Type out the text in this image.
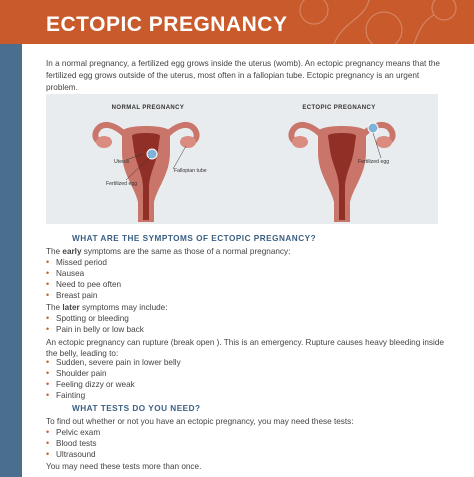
ECTOPIC PREGNANCY

In a normal pregnancy, a fertilized egg grows inside the uterus (womb). An ectopic pregnancy means that the fertilized egg grows outside of the uterus, most often in a fallopian tube. Ectopic pregnancy is an urgent problem.

NORMAL PREGNANCY	ECTOPIC PREGNANCY
Uterus
Fertilized egg
Fallopian tube
Fertilized egg
WHAT ARE THE SYMPTOMS OF ECTOPIC PREGNANCY?

The early symptoms are the same as those of a normal pregnancy:

• Missed period
• Nausea
• Need to pee often
• Breast pain

The later symptoms may include:

• Spotting or bleeding
• Pain in belly or low back

An ectopic pregnancy can rupture (break open ). This is an emergency. Rupture causes heavy bleeding inside the belly, leading to:

• Sudden, severe pain in lower belly
• Shoulder pain
• Feeling dizzy or weak
• Fainting
WHAT TESTS DO YOU NEED?

To find out whether or not you have an ectopic pregnancy, you may need these tests:

• Pelvic exam
• Blood tests
• Ultrasound

You may need these tests more than once.
